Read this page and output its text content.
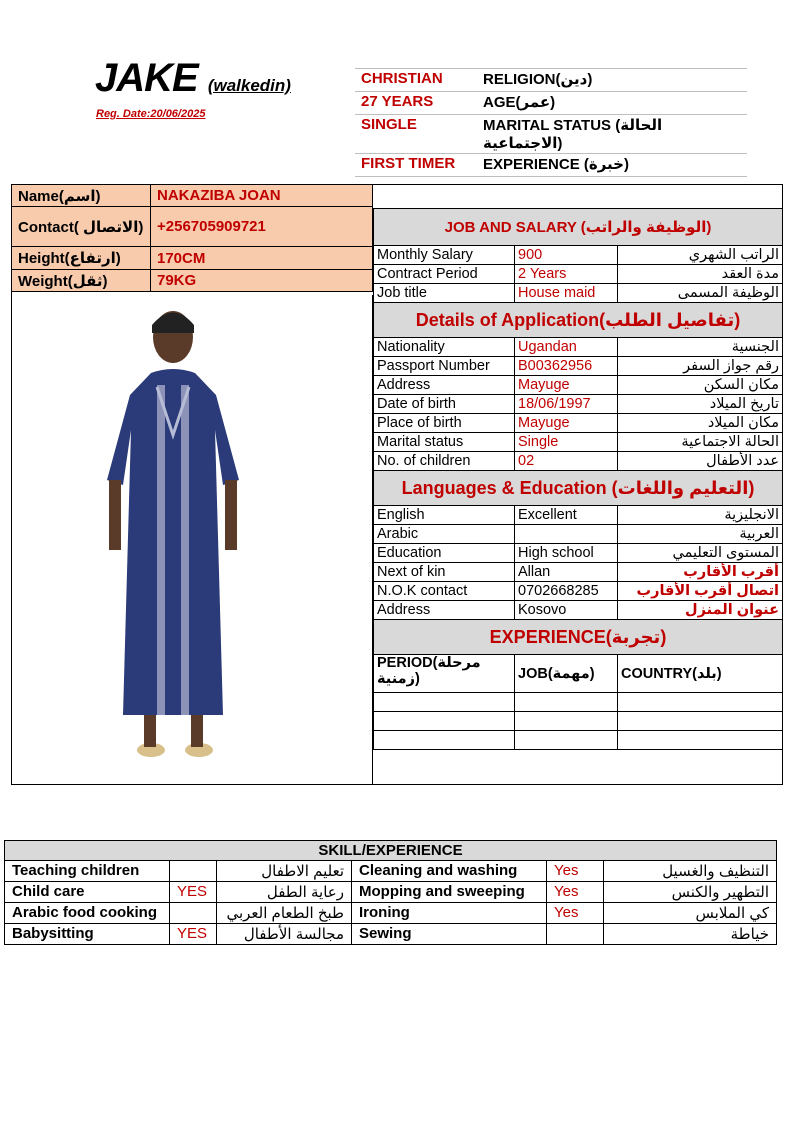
JAKE (walkedin)
Reg. Date:20/06/2025
CHRISTIAN	RELIGION(دين)
27 YEARS	AGE(عمر)
SINGLE	MARITAL STATUS (الحالة الاجتماعية)
FIRST TIMER	EXPERIENCE (خبرة)
Name(اسم)	NAKAZIBA JOAN
Contact( الاتصال)	+256705909721
Height(ارتفاع)	170CM
Weight(ثقل)	79KG
JOB AND SALARY (الوظيفة والراتب)		
Monthly Salary	900	الراتب الشهري
Contract Period	2 Years	مدة العقد
Job title	House maid	الوظيفة المسمى
Details of Application(تفاصيل الطلب)		
Nationality	Ugandan	الجنسية
Passport Number	B00362956	رقم جواز السفر
Address	Mayuge	مكان السكن
Date of birth	18/06/1997	تاريخ الميلاد
Place of birth	Mayuge	مكان الميلاد
Marital status	Single	الحالة الاجتماعية
No. of children	02	عدد الأطفال
Languages & Education (التعليم واللغات)		
English	Excellent	الانجليزية
Arabic		العربية
Education	High school	المستوى التعليمي
Next of kin	Allan	أقرب الأقارب
N.O.K contact	0702668285	اتصال أقرب الأقارب
Address	Kosovo	عنوان المنزل
EXPERIENCE(تجربة)		
PERIOD(مرحلة زمنية)	JOB(مهمة)	COUNTRY(بلد)

SKILL/EXPERIENCE					
Teaching children		تعليم الاطفال	Cleaning and washing	Yes	التنظيف والغسيل
Child care	YES	رعاية الطفل	Mopping and sweeping	Yes	التطهير والكنس
Arabic food cooking		طبخ الطعام العربي	Ironing	Yes	كي الملابس
Babysitting	YES	مجالسة الأطفال	Sewing		خياطة
